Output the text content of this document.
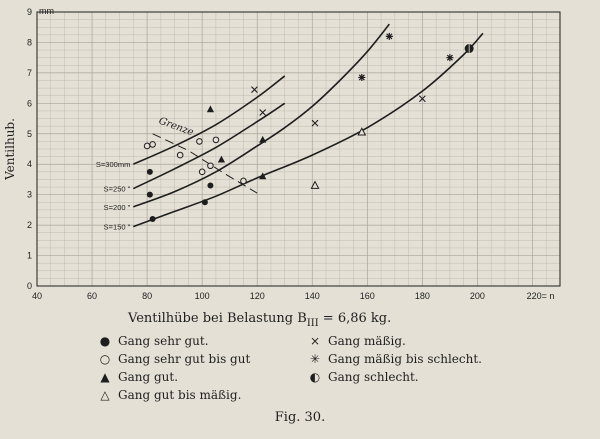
40	60	80	100	120	140	160	180	200	220= n
0
1
2
3
4
5
6
7
8
9 mm
Ventilhub.
Ventilhübe bei Belastung $B_{III} = 6,86$ kg.
S=300mm
S=250 "
S=200 "
S=150 "
Grenze
● Gang sehr gut.
○ Gang sehr gut bis gut
▲ Gang gut.
△ Gang gut bis mäßig.
× Gang mäßig.
✳ Gang mäßig bis schlecht.
◐ Gang schlecht.
Fig. 30.
